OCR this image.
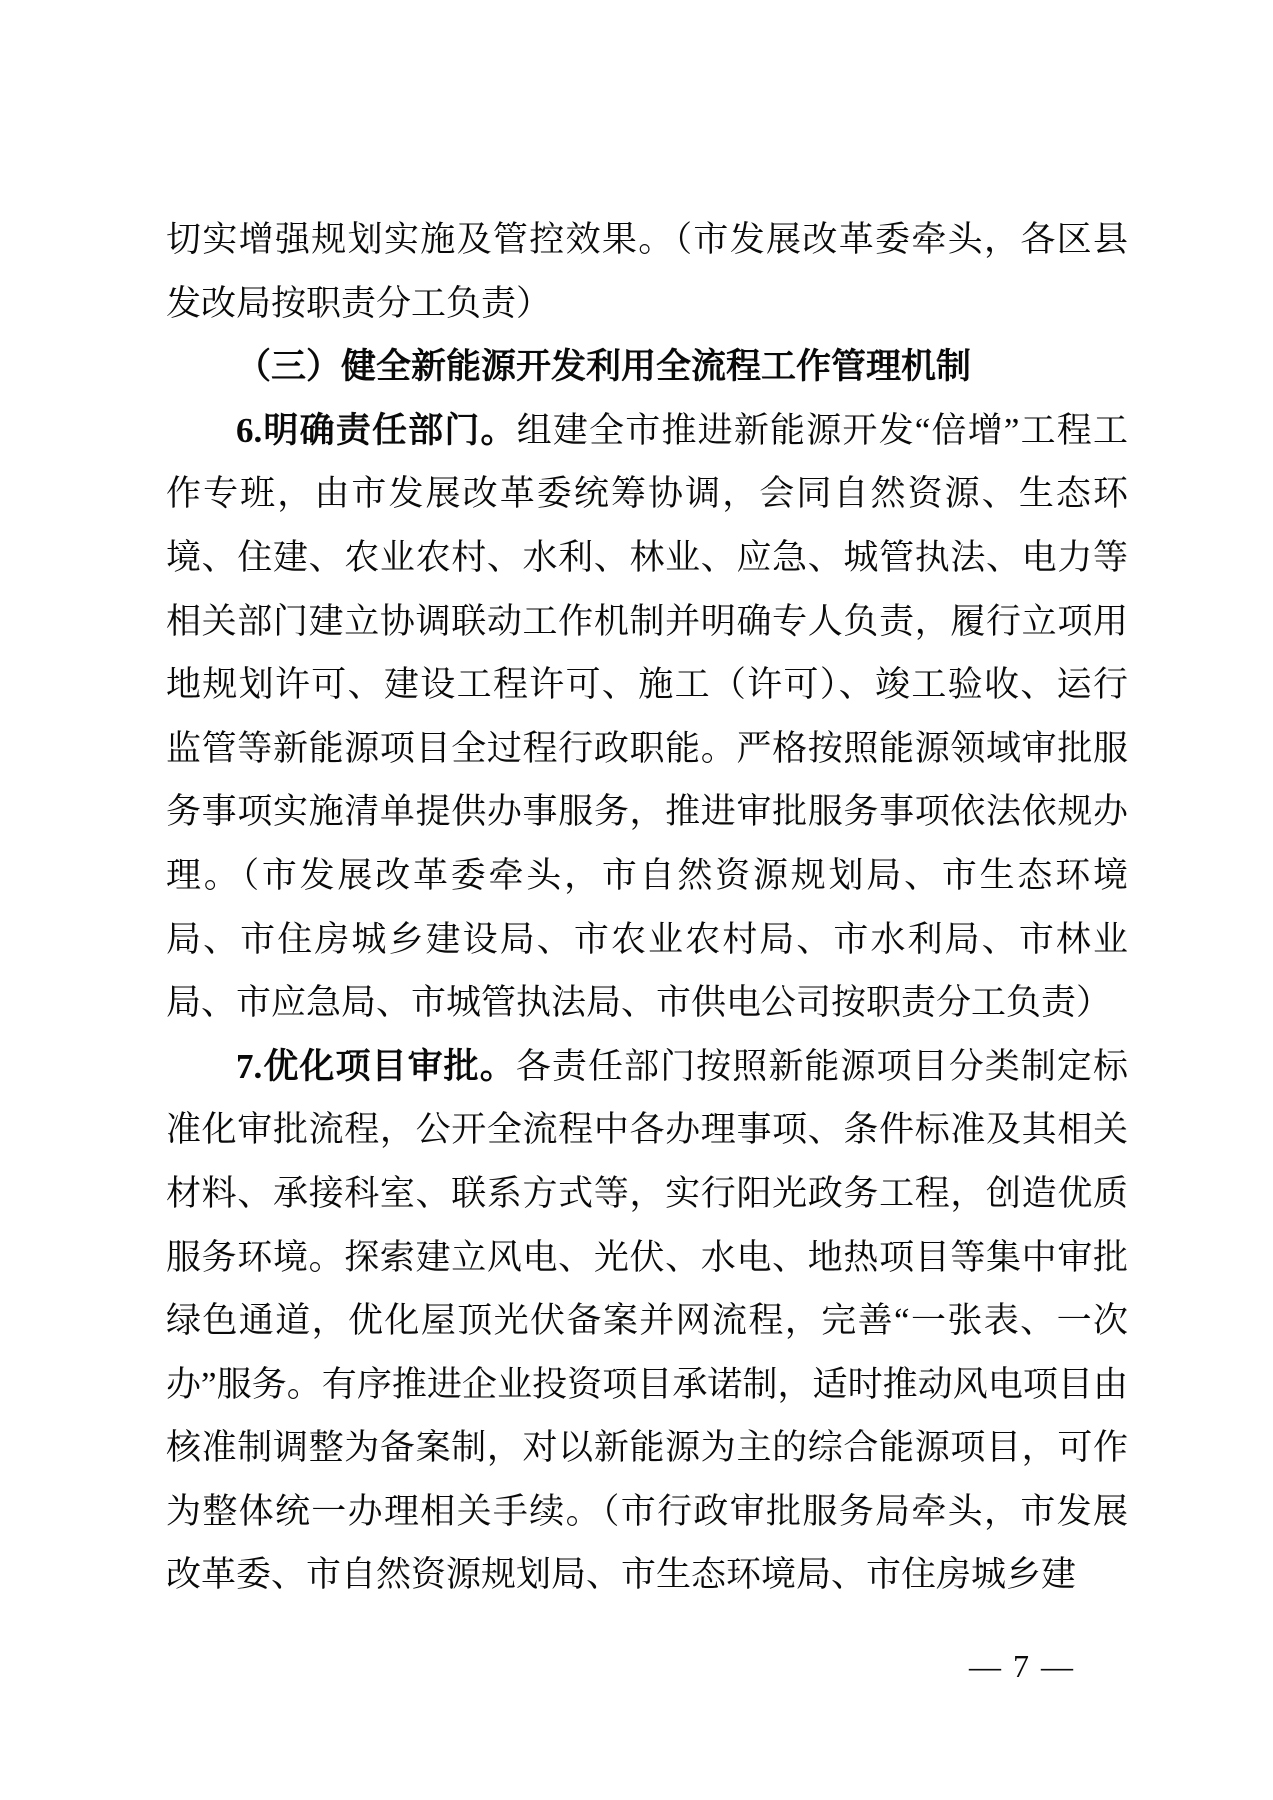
切实增强规划实施及管控效果。（市发展改革委牵头，各区县发改局按职责分工负责）

（三）健全新能源开发利用全流程工作管理机制

6.明确责任部门。组建全市推进新能源开发“倍增”工程工作专班，由市发展改革委统筹协调，会同自然资源、生态环境、住建、农业农村、水利、林业、应急、城管执法、电力等相关部门建立协调联动工作机制并明确专人负责，履行立项用地规划许可、建设工程许可、施工（许可）、竣工验收、运行监管等新能源项目全过程行政职能。严格按照能源领域审批服务事项实施清单提供办事服务，推进审批服务事项依法依规办理。（市发展改革委牵头，市自然资源规划局、市生态环境局、市住房城乡建设局、市农业农村局、市水利局、市林业局、市应急局、市城管执法局、市供电公司按职责分工负责）

7.优化项目审批。各责任部门按照新能源项目分类制定标准化审批流程，公开全流程中各办理事项、条件标准及其相关材料、承接科室、联系方式等，实行阳光政务工程，创造优质服务环境。探索建立风电、光伏、水电、地热项目等集中审批绿色通道，优化屋顶光伏备案并网流程，完善“一张表、一次办”服务。有序推进企业投资项目承诺制，适时推动风电项目由核准制调整为备案制，对以新能源为主的综合能源项目，可作为整体统一办理相关手续。（市行政审批服务局牵头，市发展改革委、市自然资源规划局、市生态环境局、市住房城乡建

— 7 —
